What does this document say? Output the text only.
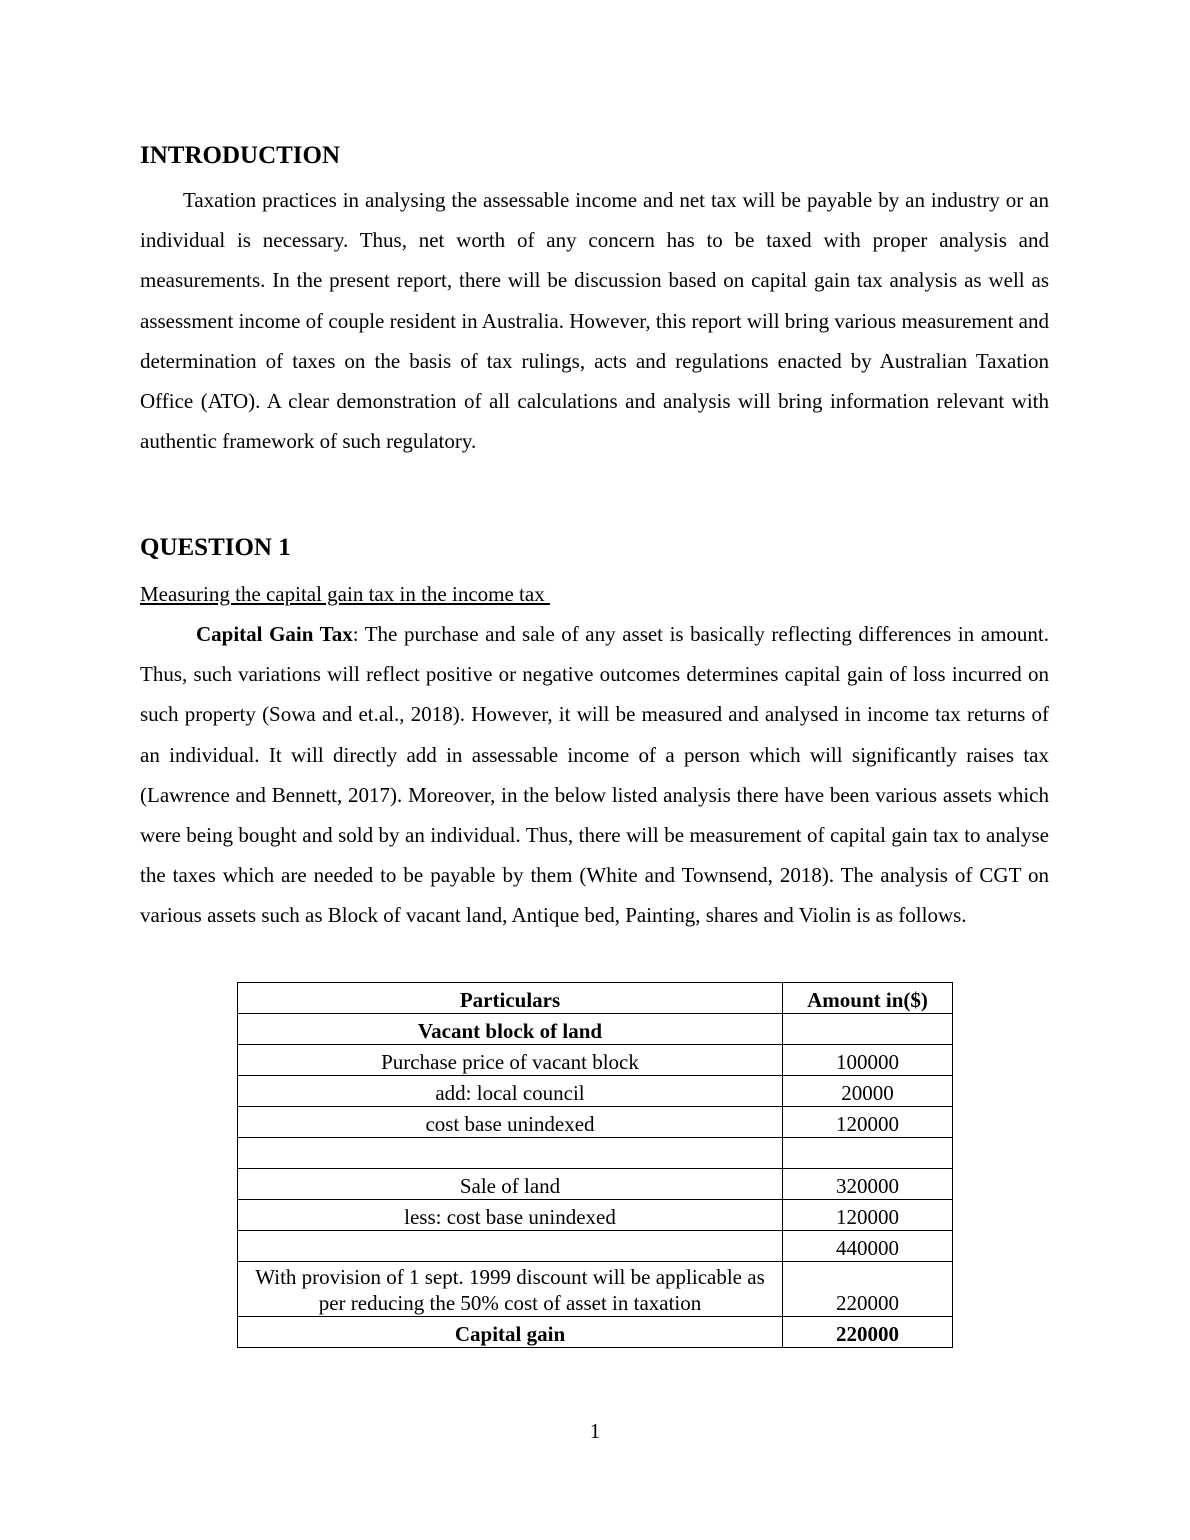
INTRODUCTION

Taxation practices in analysing the assessable income and net tax will be payable by an industry or an individual is necessary. Thus, net worth of any concern has to be taxed with proper analysis and measurements. In the present report, there will be discussion based on capital gain tax analysis as well as assessment income of couple resident in Australia. However, this report will bring various measurement and determination of taxes on the basis of tax rulings, acts and regulations enacted by Australian Taxation Office (ATO). A clear demonstration of all calculations and analysis will bring information relevant with authentic framework of such regulatory.

QUESTION 1
Measuring the capital gain tax in the income tax

Capital Gain Tax: The purchase and sale of any asset is basically reflecting differences in amount. Thus, such variations will reflect positive or negative outcomes determines capital gain of loss incurred on such property (Sowa and et.al., 2018). However, it will be measured and analysed in income tax returns of an individual. It will directly add in assessable income of a person which will significantly raises tax (Lawrence and Bennett, 2017). Moreover, in the below listed analysis there have been various assets which were being bought and sold by an individual. Thus, there will be measurement of capital gain tax to analyse the taxes which are needed to be payable by them (White and Townsend, 2018). The analysis of CGT on various assets such as Block of vacant land, Antique bed, Painting, shares and Violin is as follows.

Particulars	Amount in($)
Vacant block of land	
Purchase price of vacant block	100000
add: local council	20000
cost base unindexed	120000

Sale of land	320000
less: cost base unindexed	120000
	440000
With provision of 1 sept. 1999 discount will be applicable as per reducing the 50% cost of asset in taxation	220000
Capital gain	220000
1
